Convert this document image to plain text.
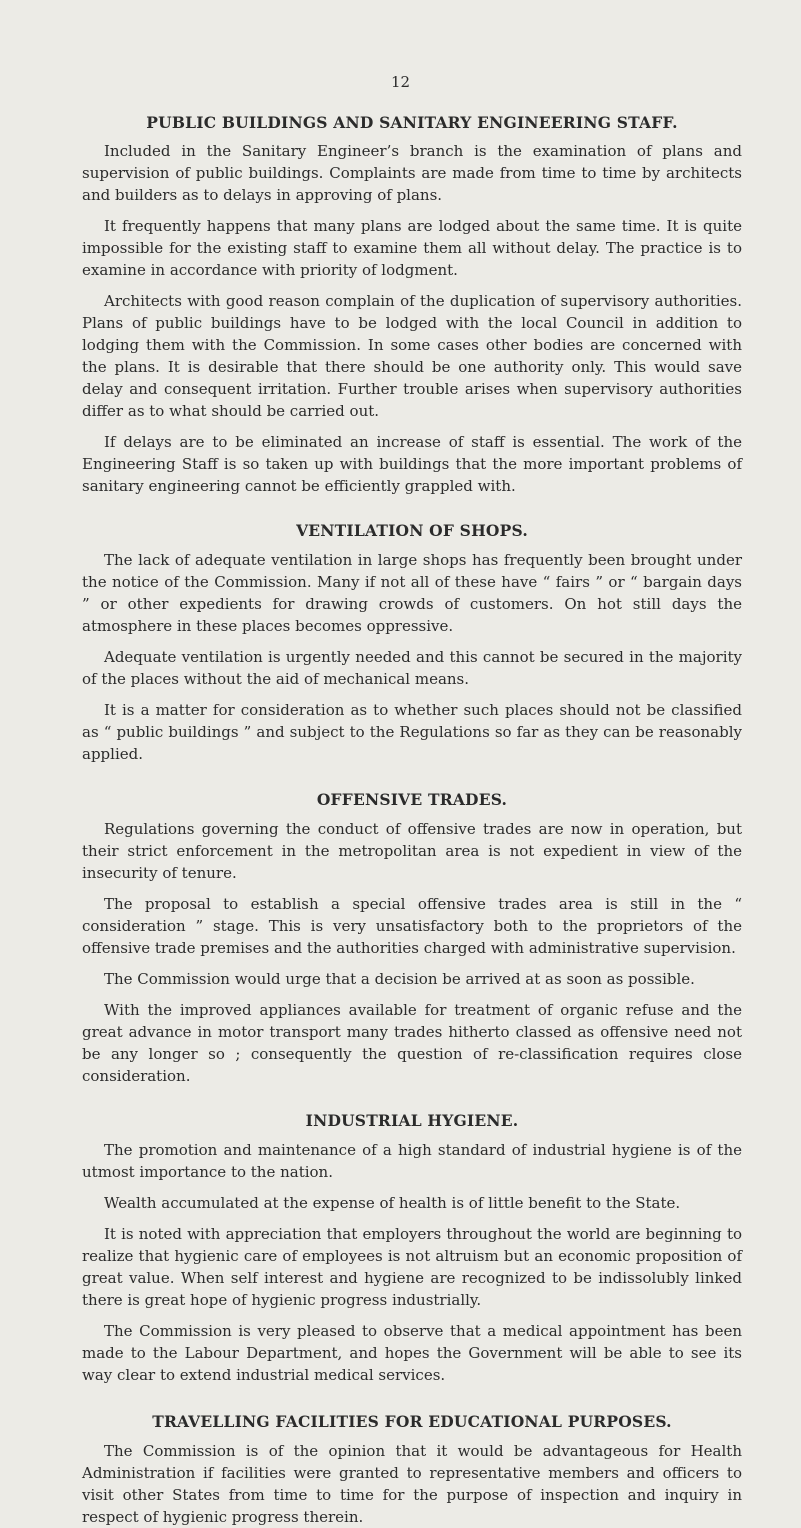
12
PUBLIC BUILDINGS AND SANITARY ENGINEERING STAFF.

Included in the Sanitary Engineer’s branch is the examination of plans and supervision of public buildings. Complaints are made from time to time by architects and builders as to delays in approving of plans.

It frequently happens that many plans are lodged about the same time. It is quite impossible for the existing staff to examine them all without delay. The practice is to examine in accordance with priority of lodgment.

Architects with good reason complain of the duplication of supervisory authorities. Plans of public buildings have to be lodged with the local Council in addition to lodging them with the Commission. In some cases other bodies are concerned with the plans. It is desirable that there should be one authority only. This would save delay and consequent irritation. Further trouble arises when supervisory authorities differ as to what should be carried out.

If delays are to be eliminated an increase of staff is essential. The work of the Engineering Staff is so taken up with buildings that the more important problems of sanitary engineering cannot be efficiently grappled with.

VENTILATION OF SHOPS.

The lack of adequate ventilation in large shops has frequently been brought under the notice of the Commission. Many if not all of these have “ fairs ” or “ bargain days ” or other expedients for drawing crowds of customers. On hot still days the atmosphere in these places becomes oppressive.

Adequate ventilation is urgently needed and this cannot be secured in the majority of the places without the aid of mechanical means.

It is a matter for consideration as to whether such places should not be classified as “ public buildings ” and subject to the Regulations so far as they can be reasonably applied.

OFFENSIVE TRADES.

Regulations governing the conduct of offensive trades are now in operation, but their strict enforcement in the metropolitan area is not expedient in view of the insecurity of tenure.

The proposal to establish a special offensive trades area is still in the “ consideration ” stage. This is very unsatisfactory both to the proprietors of the offensive trade premises and the authorities charged with administrative supervision.

The Commission would urge that a decision be arrived at as soon as possible.

With the improved appliances available for treatment of organic refuse and the great advance in motor transport many trades hitherto classed as offensive need not be any longer so ; consequently the question of re-classification requires close consideration.

INDUSTRIAL HYGIENE.

The promotion and maintenance of a high standard of industrial hygiene is of the utmost importance to the nation.

Wealth accumulated at the expense of health is of little benefit to the State.

It is noted with appreciation that employers throughout the world are beginning to realize that hygienic care of employees is not altruism but an economic proposition of great value. When self interest and hygiene are recognized to be indissolubly linked there is great hope of hygienic progress industrially.

The Commission is very pleased to observe that a medical appointment has been made to the Labour Department, and hopes the Government will be able to see its way clear to extend industrial medical services.

TRAVELLING FACILITIES FOR EDUCATIONAL PURPOSES.

The Commission is of the opinion that it would be advantageous for Health Administration if facilities were granted to representative members and officers to visit other States from time to time for the purpose of inspection and inquiry in respect of hygienic progress therein.
